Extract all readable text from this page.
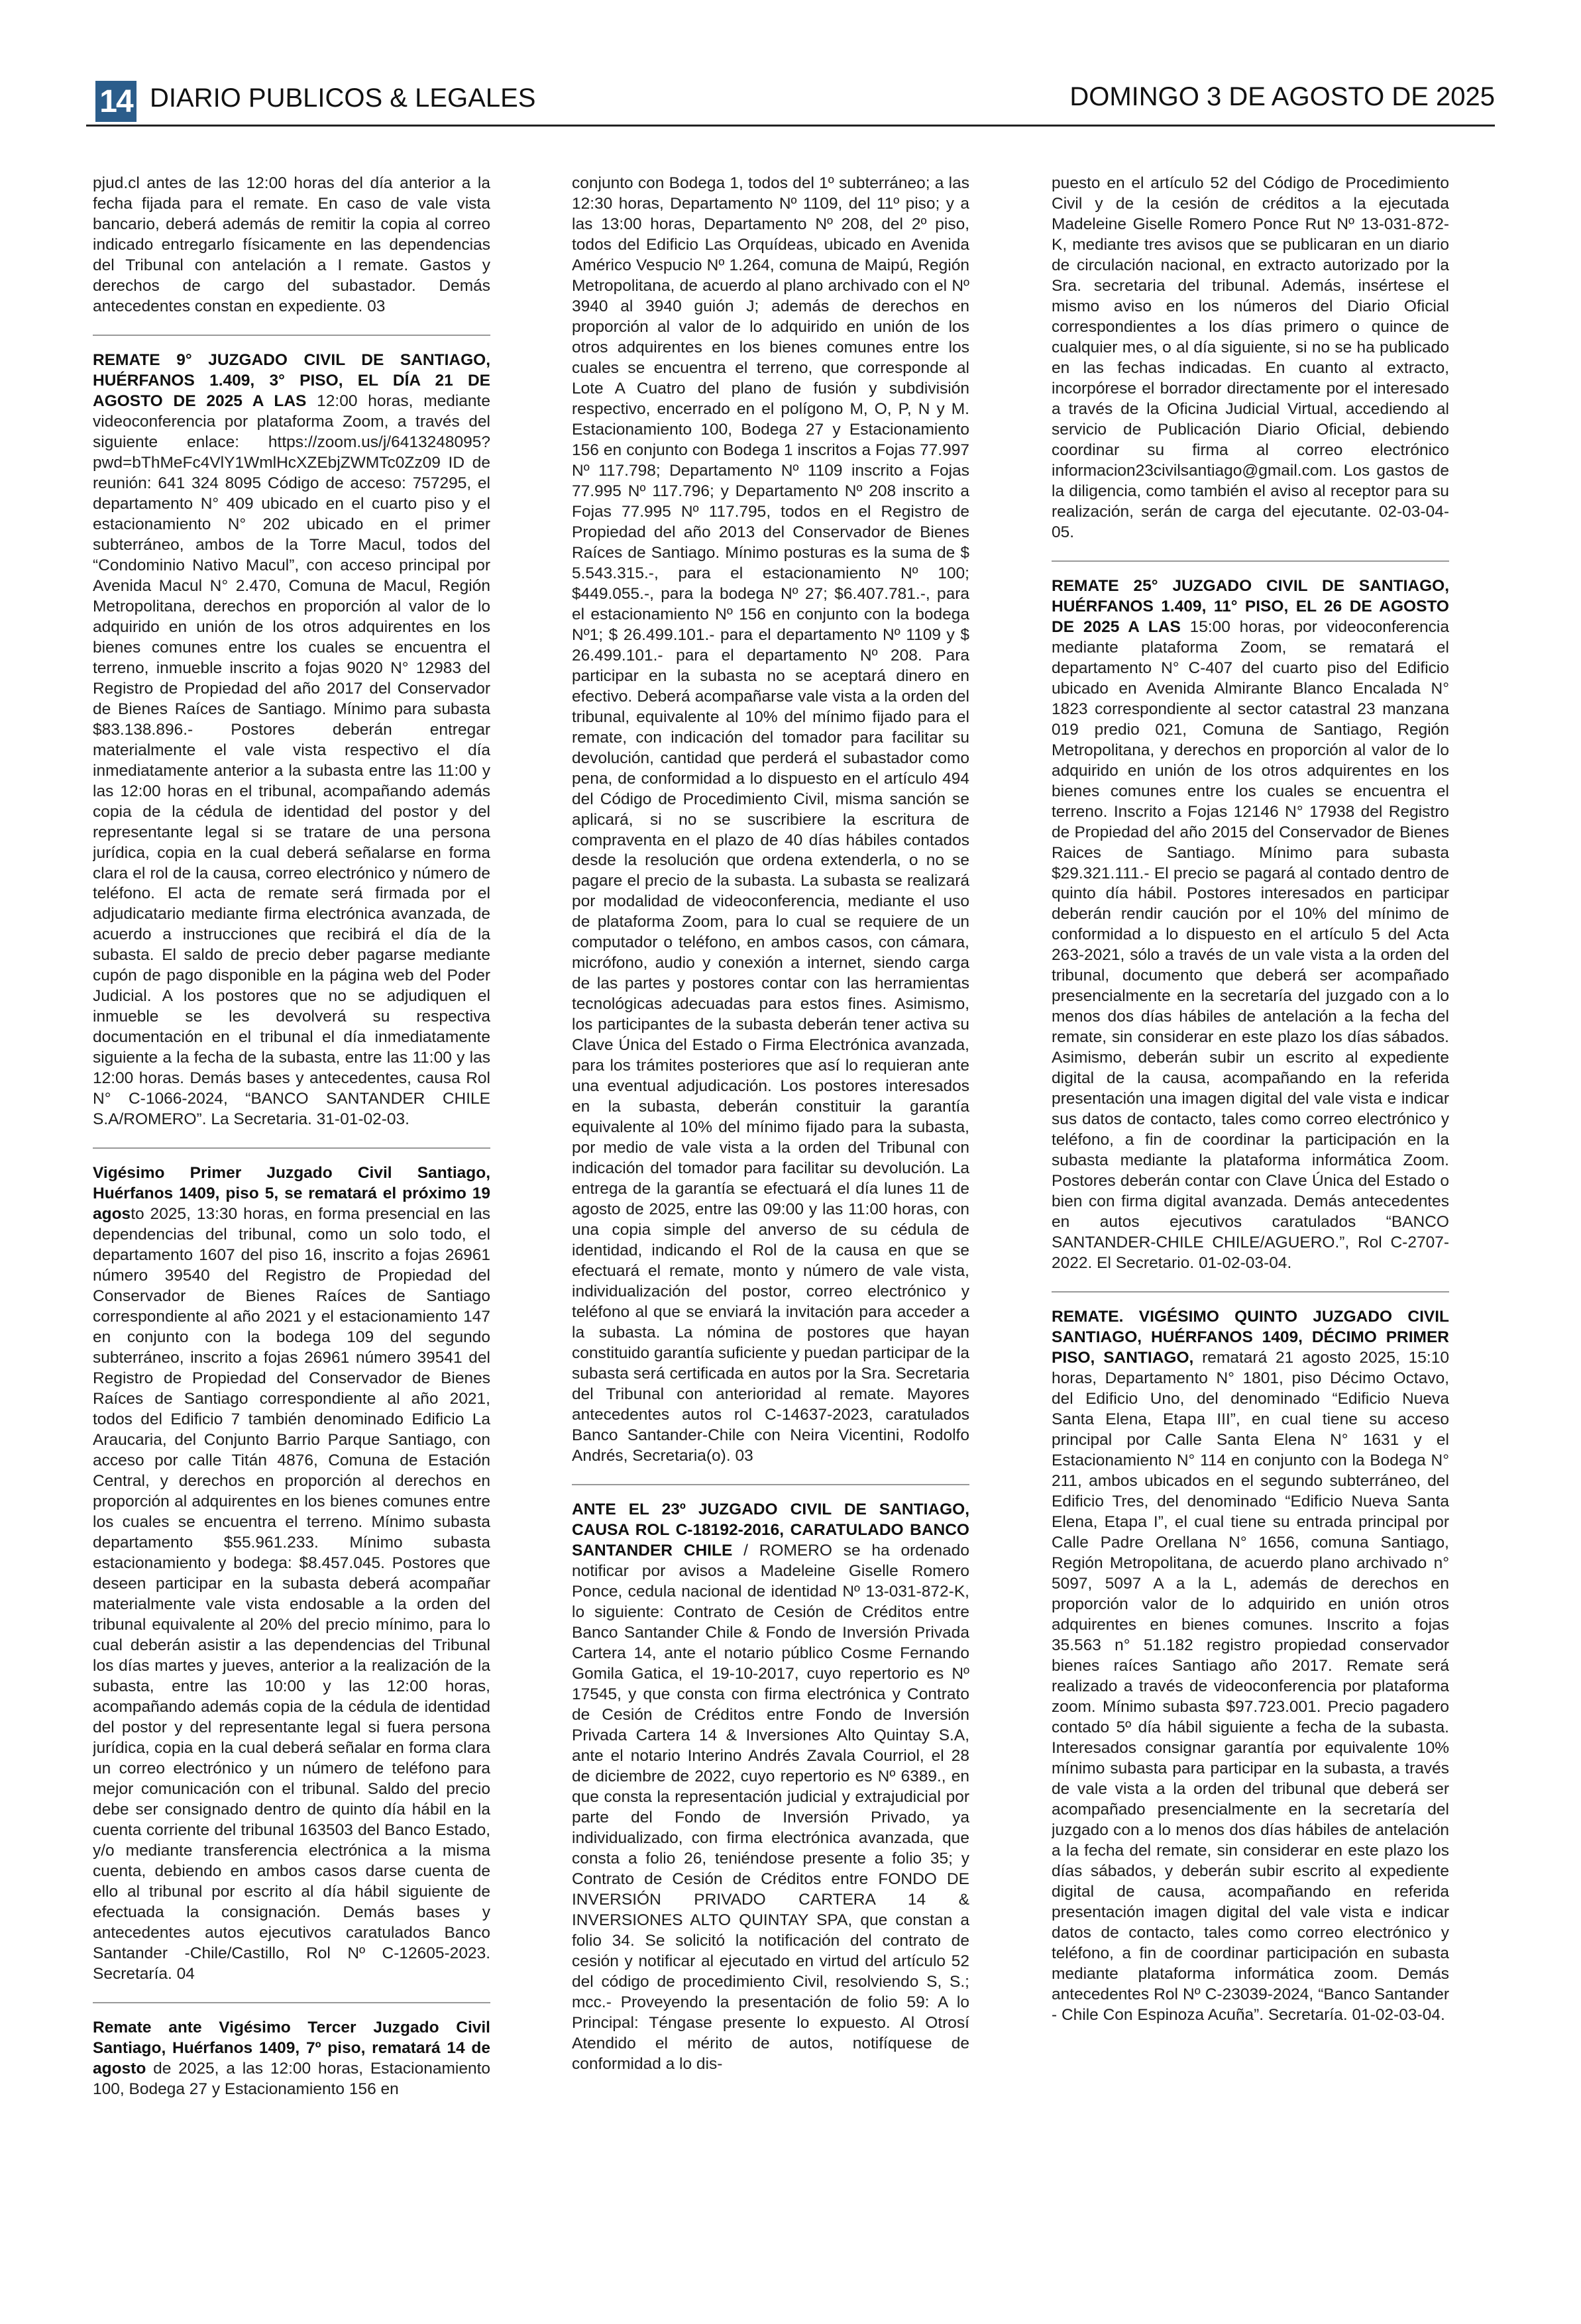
14 DIARIO PUBLICOS & LEGALES	DOMINGO 3 DE AGOSTO DE 2025

pjud.cl antes de las 12:00 horas del día anterior a la fecha fijada para el remate. En caso de vale vista bancario, deberá además de remitir la copia al correo indicado entregarlo físicamente en las dependencias del Tribunal con antelación a I remate. Gastos y derechos de cargo del subastador. Demás antecedentes constan en expediente. 03

REMATE 9° JUZGADO CIVIL DE SANTIAGO, HUÉRFANOS 1.409, 3° PISO, EL DÍA 21 DE AGOSTO DE 2025 A LAS 12:00 horas, mediante videoconferencia por plataforma Zoom, a través del siguiente enlace: https://zoom.us/j/6413248095?pwd=bThMeFc4VlY1WmlHcXZEbjZWMTc0Zz09 ID de reunión: 641 324 8095 Código de acceso: 757295, el departamento N° 409 ubicado en el cuarto piso y el estacionamiento N° 202 ubicado en el primer subterráneo, ambos de la Torre Macul, todos del “Condominio Nativo Macul”, con acceso principal por Avenida Macul N° 2.470, Comuna de Macul, Región Metropolitana, derechos en proporción al valor de lo adquirido en unión de los otros adquirentes en los bienes comunes entre los cuales se encuentra el terreno, inmueble inscrito a fojas 9020 N° 12983 del Registro de Propiedad del año 2017 del Conservador de Bienes Raíces de Santiago. Mínimo para subasta $83.138.896.- Postores deberán entregar materialmente el vale vista respectivo el día inmediatamente anterior a la subasta entre las 11:00 y las 12:00 horas en el tribunal, acompañando además copia de la cédula de identidad del postor y del representante legal si se tratare de una persona jurídica, copia en la cual deberá señalarse en forma clara el rol de la causa, correo electrónico y número de teléfono. El acta de remate será firmada por el adjudicatario mediante firma electrónica avanzada, de acuerdo a instrucciones que recibirá el día de la subasta. El saldo de precio deber pagarse mediante cupón de pago disponible en la página web del Poder Judicial. A los postores que no se adjudiquen el inmueble se les devolverá su respectiva documentación en el tribunal el día inmediatamente siguiente a la fecha de la subasta, entre las 11:00 y las 12:00 horas. Demás bases y antecedentes, causa Rol N° C-1066-2024, “BANCO SANTANDER CHILE S.A/ROMERO”. La Secretaria. 31-01-02-03.

Vigésimo Primer Juzgado Civil Santiago, Huérfanos 1409, piso 5, se rematará el próximo 19 agosto 2025, 13:30 horas, en forma presencial en las dependencias del tribunal, como un solo todo, el departamento 1607 del piso 16, inscrito a fojas 26961 número 39540 del Registro de Propiedad del Conservador de Bienes Raíces de Santiago correspondiente al año 2021 y el estacionamiento 147 en conjunto con la bodega 109 del segundo subterráneo, inscrito a fojas 26961 número 39541 del Registro de Propiedad del Conservador de Bienes Raíces de Santiago correspondiente al año 2021, todos del Edificio 7 también denominado Edificio La Araucaria, del Conjunto Barrio Parque Santiago, con acceso por calle Titán 4876, Comuna de Estación Central, y derechos en proporción al derechos en proporción al adquirentes en los bienes comunes entre los cuales se encuentra el terreno. Mínimo subasta departamento $55.961.233. Mínimo subasta estacionamiento y bodega: $8.457.045. Postores que deseen participar en la subasta deberá acompañar materialmente vale vista endosable a la orden del tribunal equivalente al 20% del precio mínimo, para lo cual deberán asistir a las dependencias del Tribunal los días martes y jueves, anterior a la realización de la subasta, entre las 10:00 y las 12:00 horas, acompañando además copia de la cédula de identidad del postor y del representante legal si fuera persona jurídica, copia en la cual deberá señalar en forma clara un correo electrónico y un número de teléfono para mejor comunicación con el tribunal. Saldo del precio debe ser consignado dentro de quinto día hábil en la cuenta corriente del tribunal 163503 del Banco Estado, y/o mediante transferencia electrónica a la misma cuenta, debiendo en ambos casos darse cuenta de ello al tribunal por escrito al día hábil siguiente de efectuada la consignación. Demás bases y antecedentes autos ejecutivos caratulados Banco Santander -Chile/Castillo, Rol Nº C-12605-2023. Secretaría. 04

Remate ante Vigésimo Tercer Juzgado Civil Santiago, Huérfanos 1409, 7º piso, rematará 14 de agosto de 2025, a las 12:00 horas, Estacionamiento 100, Bodega 27 y Estacionamiento 156 en

conjunto con Bodega 1, todos del 1º subterráneo; a las 12:30 horas, Departamento Nº 1109, del 11º piso; y a las 13:00 horas, Departamento Nº 208, del 2º piso, todos del Edificio Las Orquídeas, ubicado en Avenida Américo Vespucio Nº 1.264, comuna de Maipú, Región Metropolitana, de acuerdo al plano archivado con el Nº 3940 al 3940 guión J; además de derechos en proporción al valor de lo adquirido en unión de los otros adquirentes en los bienes comunes entre los cuales se encuentra el terreno, que corresponde al Lote A Cuatro del plano de fusión y subdivisión respectivo, encerrado en el polígono M, O, P, N y M. Estacionamiento 100, Bodega 27 y Estacionamiento 156 en conjunto con Bodega 1 inscritos a Fojas 77.997 Nº 117.798; Departamento Nº 1109 inscrito a Fojas 77.995 Nº 117.796; y Departamento Nº 208 inscrito a Fojas 77.995 Nº 117.795, todos en el Registro de Propiedad del año 2013 del Conservador de Bienes Raíces de Santiago. Mínimo posturas es la suma de $ 5.543.315.-, para el estacionamiento Nº 100; $449.055.-, para la bodega Nº 27; $6.407.781.-, para el estacionamiento Nº 156 en conjunto con la bodega Nº1; $ 26.499.101.- para el departamento Nº 1109 y $ 26.499.101.- para el departamento Nº 208. Para participar en la subasta no se aceptará dinero en efectivo. Deberá acompañarse vale vista a la orden del tribunal, equivalente al 10% del mínimo fijado para el remate, con indicación del tomador para facilitar su devolución, cantidad que perderá el subastador como pena, de conformidad a lo dispuesto en el artículo 494 del Código de Procedimiento Civil, misma sanción se aplicará, si no se suscribiere la escritura de compraventa en el plazo de 40 días hábiles contados desde la resolución que ordena extenderla, o no se pagare el precio de la subasta. La subasta se realizará por modalidad de videoconferencia, mediante el uso de plataforma Zoom, para lo cual se requiere de un computador o teléfono, en ambos casos, con cámara, micrófono, audio y conexión a internet, siendo carga de las partes y postores contar con las herramientas tecnológicas adecuadas para estos fines. Asimismo, los participantes de la subasta deberán tener activa su Clave Única del Estado o Firma Electrónica avanzada, para los trámites posteriores que así lo requieran ante una eventual adjudicación. Los postores interesados en la subasta, deberán constituir la garantía equivalente al 10% del mínimo fijado para la subasta, por medio de vale vista a la orden del Tribunal con indicación del tomador para facilitar su devolución. La entrega de la garantía se efectuará el día lunes 11 de agosto de 2025, entre las 09:00 y las 11:00 horas, con una copia simple del anverso de su cédula de identidad, indicando el Rol de la causa en que se efectuará el remate, monto y número de vale vista, individualización del postor, correo electrónico y teléfono al que se enviará la invitación para acceder a la subasta. La nómina de postores que hayan constituido garantía suficiente y puedan participar de la subasta será certificada en autos por la Sra. Secretaria del Tribunal con anterioridad al remate. Mayores antecedentes autos rol C-14637-2023, caratulados Banco Santander-Chile con Neira Vicentini, Rodolfo Andrés, Secretaria(o). 03

ANTE EL 23º JUZGADO CIVIL DE SANTIAGO, CAUSA ROL C-18192-2016, CARATULADO BANCO SANTANDER CHILE / ROMERO se ha ordenado notificar por avisos a Madeleine Giselle Romero Ponce, cedula nacional de identidad Nº 13-031-872-K, lo siguiente: Contrato de Cesión de Créditos entre Banco Santander Chile & Fondo de Inversión Privada Cartera 14, ante el notario público Cosme Fernando Gomila Gatica, el 19-10-2017, cuyo repertorio es Nº 17545, y que consta con firma electrónica y Contrato de Cesión de Créditos entre Fondo de Inversión Privada Cartera 14 & Inversiones Alto Quintay S.A, ante el notario Interino Andrés Zavala Courriol, el 28 de diciembre de 2022, cuyo repertorio es Nº 6389., en que consta la representación judicial y extrajudicial por parte del Fondo de Inversión Privado, ya individualizado, con firma electrónica avanzada, que consta a folio 26, teniéndose presente a folio 35; y Contrato de Cesión de Créditos entre FONDO DE INVERSIÓN PRIVADO CARTERA 14 & INVERSIONES ALTO QUINTAY SPA, que constan a folio 34. Se solicitó la notificación del contrato de cesión y notificar al ejecutado en virtud del artículo 52 del código de procedimiento Civil, resolviendo S, S.; mcc.- Proveyendo la presentación de folio 59: A lo Principal: Téngase presente lo expuesto. Al Otrosí Atendido el mérito de autos, notifíquese de conformidad a lo dis-

puesto en el artículo 52 del Código de Procedimiento Civil y de la cesión de créditos a la ejecutada Madeleine Giselle Romero Ponce Rut Nº 13-031-872-K, mediante tres avisos que se publicaran en un diario de circulación nacional, en extracto autorizado por la Sra. secretaria del tribunal. Además, insértese el mismo aviso en los números del Diario Oficial correspondientes a los días primero o quince de cualquier mes, o al día siguiente, si no se ha publicado en las fechas indicadas. En cuanto al extracto, incorpórese el borrador directamente por el interesado a través de la Oficina Judicial Virtual, accediendo al servicio de Publicación Diario Oficial, debiendo coordinar su firma al correo electrónico informacion23civilsantiago@gmail.com. Los gastos de la diligencia, como también el aviso al receptor para su realización, serán de carga del ejecutante. 02-03-04-05.

REMATE 25° JUZGADO CIVIL DE SANTIAGO, HUÉRFANOS 1.409, 11° PISO, EL 26 DE AGOSTO DE 2025 A LAS 15:00 horas, por videoconferencia mediante plataforma Zoom, se rematará el departamento N° C-407 del cuarto piso del Edificio ubicado en Avenida Almirante Blanco Encalada N° 1823 correspondiente al sector catastral 23 manzana 019 predio 021, Comuna de Santiago, Región Metropolitana, y derechos en proporción al valor de lo adquirido en unión de los otros adquirentes en los bienes comunes entre los cuales se encuentra el terreno. Inscrito a Fojas 12146 N° 17938 del Registro de Propiedad del año 2015 del Conservador de Bienes Raices de Santiago. Mínimo para subasta $29.321.111.- El precio se pagará al contado dentro de quinto día hábil. Postores interesados en participar deberán rendir caución por el 10% del mínimo de conformidad a lo dispuesto en el artículo 5 del Acta 263-2021, sólo a través de un vale vista a la orden del tribunal, documento que deberá ser acompañado presencialmente en la secretaría del juzgado con a lo menos dos días hábiles de antelación a la fecha del remate, sin considerar en este plazo los días sábados. Asimismo, deberán subir un escrito al expediente digital de la causa, acompañando en la referida presentación una imagen digital del vale vista e indicar sus datos de contacto, tales como correo electrónico y teléfono, a fin de coordinar la participación en la subasta mediante la plataforma informática Zoom. Postores deberán contar con Clave Única del Estado o bien con firma digital avanzada. Demás antecedentes en autos ejecutivos caratulados “BANCO SANTANDER-CHILE CHILE/AGUERO.”, Rol C-2707-2022. El Secretario. 01-02-03-04.

REMATE. VIGÉSIMO QUINTO JUZGADO CIVIL SANTIAGO, HUÉRFANOS 1409, DÉCIMO PRIMER PISO, SANTIAGO, rematará 21 agosto 2025, 15:10 horas, Departamento N° 1801, piso Décimo Octavo, del Edificio Uno, del denominado “Edificio Nueva Santa Elena, Etapa III”, en cual tiene su acceso principal por Calle Santa Elena N° 1631 y el Estacionamiento N° 114 en conjunto con la Bodega N° 211, ambos ubicados en el segundo subterráneo, del Edificio Tres, del denominado “Edificio Nueva Santa Elena, Etapa I”, el cual tiene su entrada principal por Calle Padre Orellana N° 1656, comuna Santiago, Región Metropolitana, de acuerdo plano archivado n° 5097, 5097 A a la L, además de derechos en proporción valor de lo adquirido en unión otros adquirentes en bienes comunes. Inscrito a fojas 35.563 n° 51.182 registro propiedad conservador bienes raíces Santiago año 2017. Remate será realizado a través de videoconferencia por plataforma zoom. Mínimo subasta $97.723.001. Precio pagadero contado 5º día hábil siguiente a fecha de la subasta. Interesados consignar garantía por equivalente 10% mínimo subasta para participar en la subasta, a través de vale vista a la orden del tribunal que deberá ser acompañado presencialmente en la secretaría del juzgado con a lo menos dos días hábiles de antelación a la fecha del remate, sin considerar en este plazo los días sábados, y deberán subir escrito al expediente digital de causa, acompañando en referida presentación imagen digital del vale vista e indicar datos de contacto, tales como correo electrónico y teléfono, a fin de coordinar participación en subasta mediante plataforma informática zoom. Demás antecedentes Rol Nº C-23039-2024, “Banco Santander - Chile Con Espinoza Acuña”. Secretaría. 01-02-03-04.
